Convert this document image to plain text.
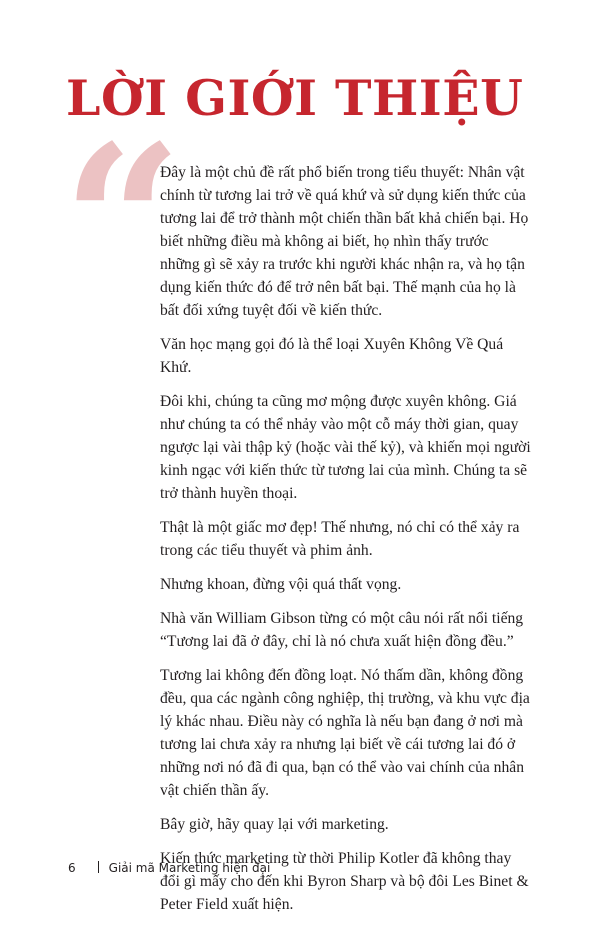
LỜI GIỚI THIỆU
“

Đây là một chủ đề rất phổ biến trong tiểu thuyết: Nhân vật chính từ tương lai trở về quá khứ và sử dụng kiến thức của tương lai để trở thành một chiến thần bất khả chiến bại. Họ biết những điều mà không ai biết, họ nhìn thấy trước những gì sẽ xảy ra trước khi người khác nhận ra, và họ tận dụng kiến thức đó để trở nên bất bại. Thế mạnh của họ là bất đối xứng tuyệt đối về kiến thức.

Văn học mạng gọi đó là thể loại Xuyên Không Về Quá Khứ.

Đôi khi, chúng ta cũng mơ mộng được xuyên không. Giá như chúng ta có thể nhảy vào một cỗ máy thời gian, quay ngược lại vài thập kỷ (hoặc vài thế kỷ), và khiến mọi người kinh ngạc với kiến thức từ tương lai của mình. Chúng ta sẽ trở thành huyền thoại.

Thật là một giấc mơ đẹp! Thế nhưng, nó chỉ có thể xảy ra trong các tiểu thuyết và phim ảnh.

Nhưng khoan, đừng vội quá thất vọng.

Nhà văn William Gibson từng có một câu nói rất nổi tiếng “Tương lai đã ở đây, chỉ là nó chưa xuất hiện đồng đều.”

Tương lai không đến đồng loạt. Nó thấm dần, không đồng đều, qua các ngành công nghiệp, thị trường, và khu vực địa lý khác nhau. Điều này có nghĩa là nếu bạn đang ở nơi mà tương lai chưa xảy ra nhưng lại biết về cái tương lai đó ở những nơi nó đã đi qua, bạn có thể vào vai chính của nhân vật chiến thần ấy.

Bây giờ, hãy quay lại với marketing.

Kiến thức marketing từ thời Philip Kotler đã không thay đổi gì mấy cho đến khi Byron Sharp và bộ đôi Les Binet & Peter Field xuất hiện.

6	Giải mã Marketing hiện đại
